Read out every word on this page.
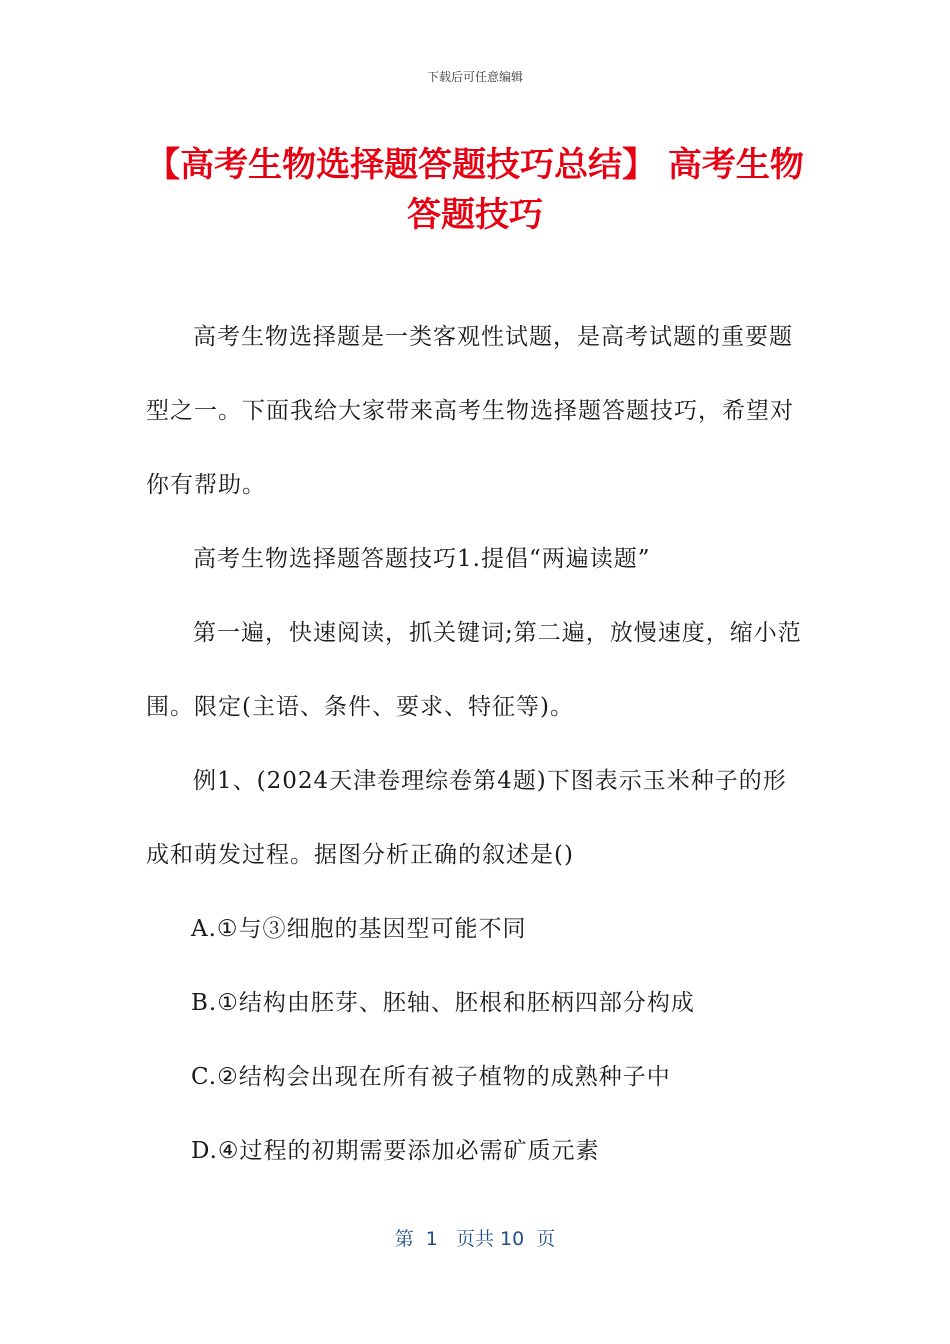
下载后可任意编辑
【高考生物选择题答题技巧总结】 高考生物答题技巧

高考生物选择题是一类客观性试题，是高考试题的重要题型之一。下面我给大家带来高考生物选择题答题技巧，希望对你有帮助。

高考生物选择题答题技巧1.提倡“两遍读题”

第一遍，快速阅读，抓关键词;第二遍，放慢速度，缩小范围。限定(主语、条件、要求、特征等)。

例1、(2024天津卷理综卷第4题)下图表示玉米种子的形成和萌发过程。据图分析正确的叙述是()

A.①与③细胞的基因型可能不同

B.①结构由胚芽、胚轴、胚根和胚柄四部分构成

C.②结构会出现在所有被子植物的成熟种子中

D.④过程的初期需要添加必需矿质元素

第  1   页共 10  页
